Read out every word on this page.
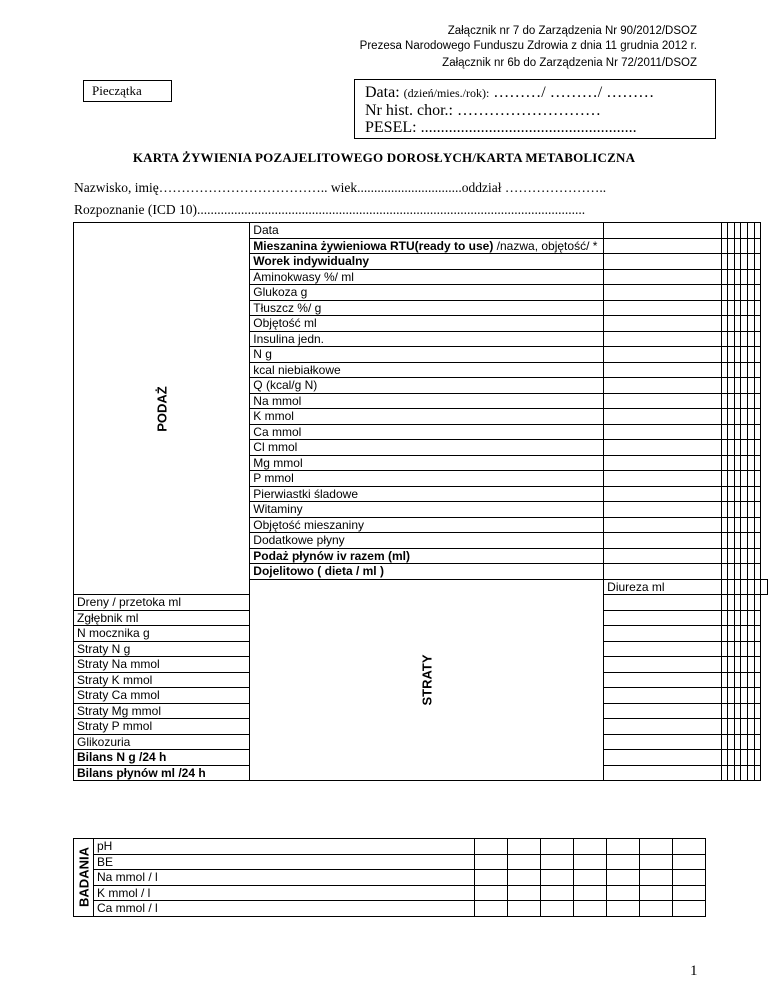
Załącznik nr 7 do Zarządzenia Nr 90/2012/DSOZ
Prezesa Narodowego Funduszu Zdrowia z dnia 11 grudnia 2012 r.
Załącznik nr 6b do Zarządzenia Nr 72/2011/DSOZ
Pieczątka	Data: (dzień/mies./rok): ………/ ………/ ………
Nr hist. chor.: ………………………
PESEL: ......................................................
KARTA ŻYWIENIA POZAJELITOWEGO DOROSŁYCH/KARTA METABOLICZNA
Nazwisko, imię……………………………….. wiek...............................oddział …………………..
Rozpoznanie (ICD 10)...................................................................................................................
PODAŻ	Data								
	Mieszanina żywieniowa RTU(ready to use) /nazwa, objętość/ *								
	Worek indywidualny								
	Aminokwasy %/ ml								
	Glukoza g								
	Tłuszcz %/ g								
	Objętość ml								
	Insulina jedn.								
	N g								
	kcal niebiałkowe								
	Q (kcal/g N)								
	Na mmol								
	K mmol								
	Ca mmol								
	Cl mmol								
	Mg mmol								
	P mmol								
	Pierwiastki śladowe								
	Witaminy								
	Objętość mieszaniny								
	Dodatkowe płyny								
	Podaż płynów iv razem (ml)								
	Dojelitowo ( dieta / ml )								

	STRATY	Diureza ml							
Dreny / przetoka ml									
Zgłębnik ml									
N mocznika g									
Straty N g									
Straty Na mmol									
Straty K mmol									
Straty Ca mmol									
Straty Mg mmol									
Straty P mmol									
Glikozuria									
Bilans N g /24 h									
Bilans płynów ml /24 h									
BADANIA	pH							
	BE							
	Na mmol / l							
	K mmol / l							
	Ca mmol / l							
1
